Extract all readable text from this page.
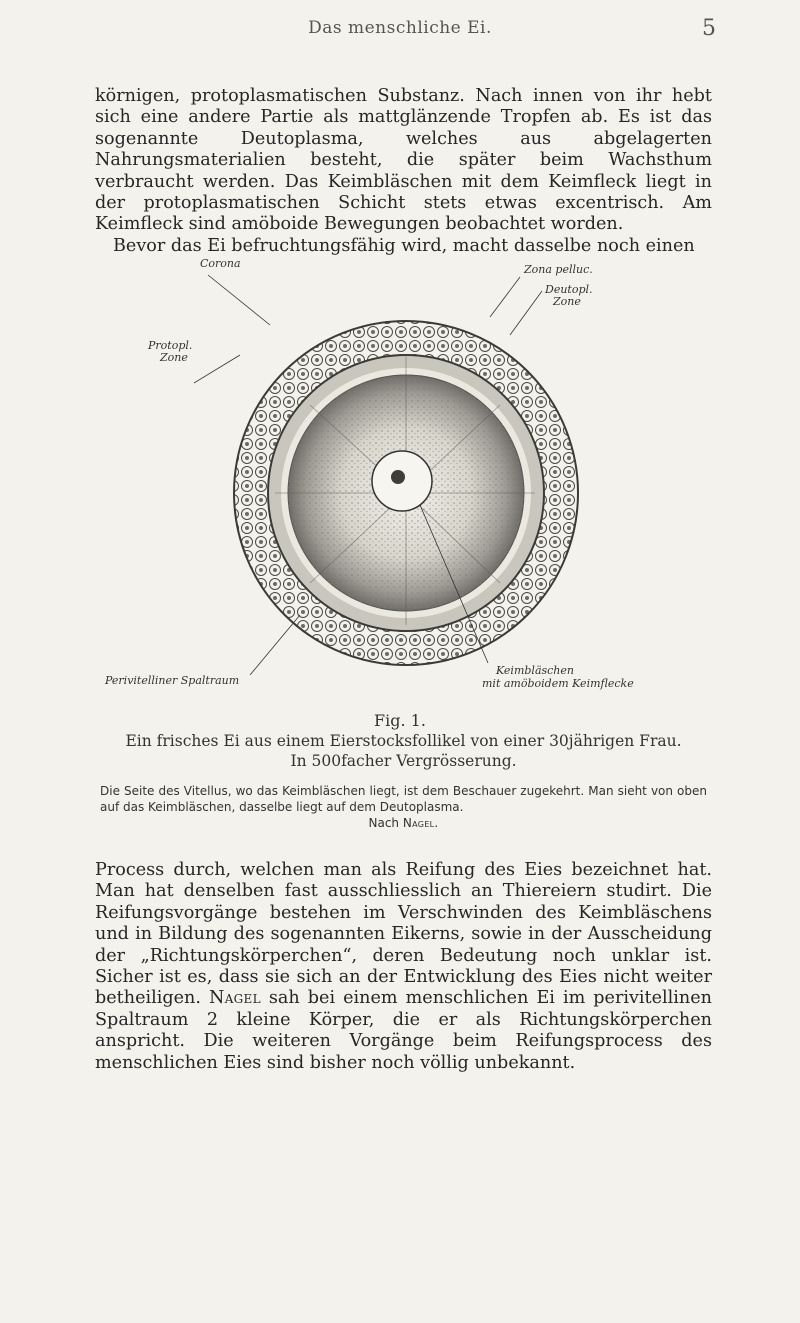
Das menschliche Ei.	5

körnigen, protoplasmatischen Substanz. Nach innen von ihr hebt sich eine andere Partie als mattglänzende Tropfen ab. Es ist das sogenannte Deutoplasma, welches aus abgelagerten Nahrungsmaterialien besteht, die später beim Wachsthum verbraucht werden. Das Keimbläschen mit dem Keimfleck liegt in der protoplasmatischen Schicht stets etwas excentrisch. Am Keimfleck sind amöboide Bewegungen beobachtet worden.

Bevor das Ei befruchtungsfähig wird, macht dasselbe noch einen

Corona	Zona pelluc.
Deutopl.
Zone
Protopl.
Zone
Perivitelliner Spaltraum
Keimbläschen
mit amöboidem Keimflecke
Fig. 1.
Ein frisches Ei aus einem Eierstocksfollikel von einer 30jährigen Frau.
In 500facher Vergrösserung.
Die Seite des Vitellus, wo das Keimbläschen liegt, ist dem Beschauer zugekehrt. Man sieht von oben auf das Keimbläschen, dasselbe liegt auf dem Deutoplasma.
Nach Nagel.

Process durch, welchen man als Reifung des Eies bezeichnet hat. Man hat denselben fast ausschliesslich an Thiereiern studirt. Die Reifungsvorgänge bestehen im Verschwinden des Keimbläschens und in Bildung des sogenannten Eikerns, sowie in der Ausscheidung der „Richtungskörperchen“, deren Bedeutung noch unklar ist. Sicher ist es, dass sie sich an der Entwicklung des Eies nicht weiter betheiligen. Nagel sah bei einem menschlichen Ei im perivitellinen Spaltraum 2 kleine Körper, die er als Richtungskörperchen anspricht. Die weiteren Vorgänge beim Reifungsprocess des menschlichen Eies sind bisher noch völlig unbekannt.
